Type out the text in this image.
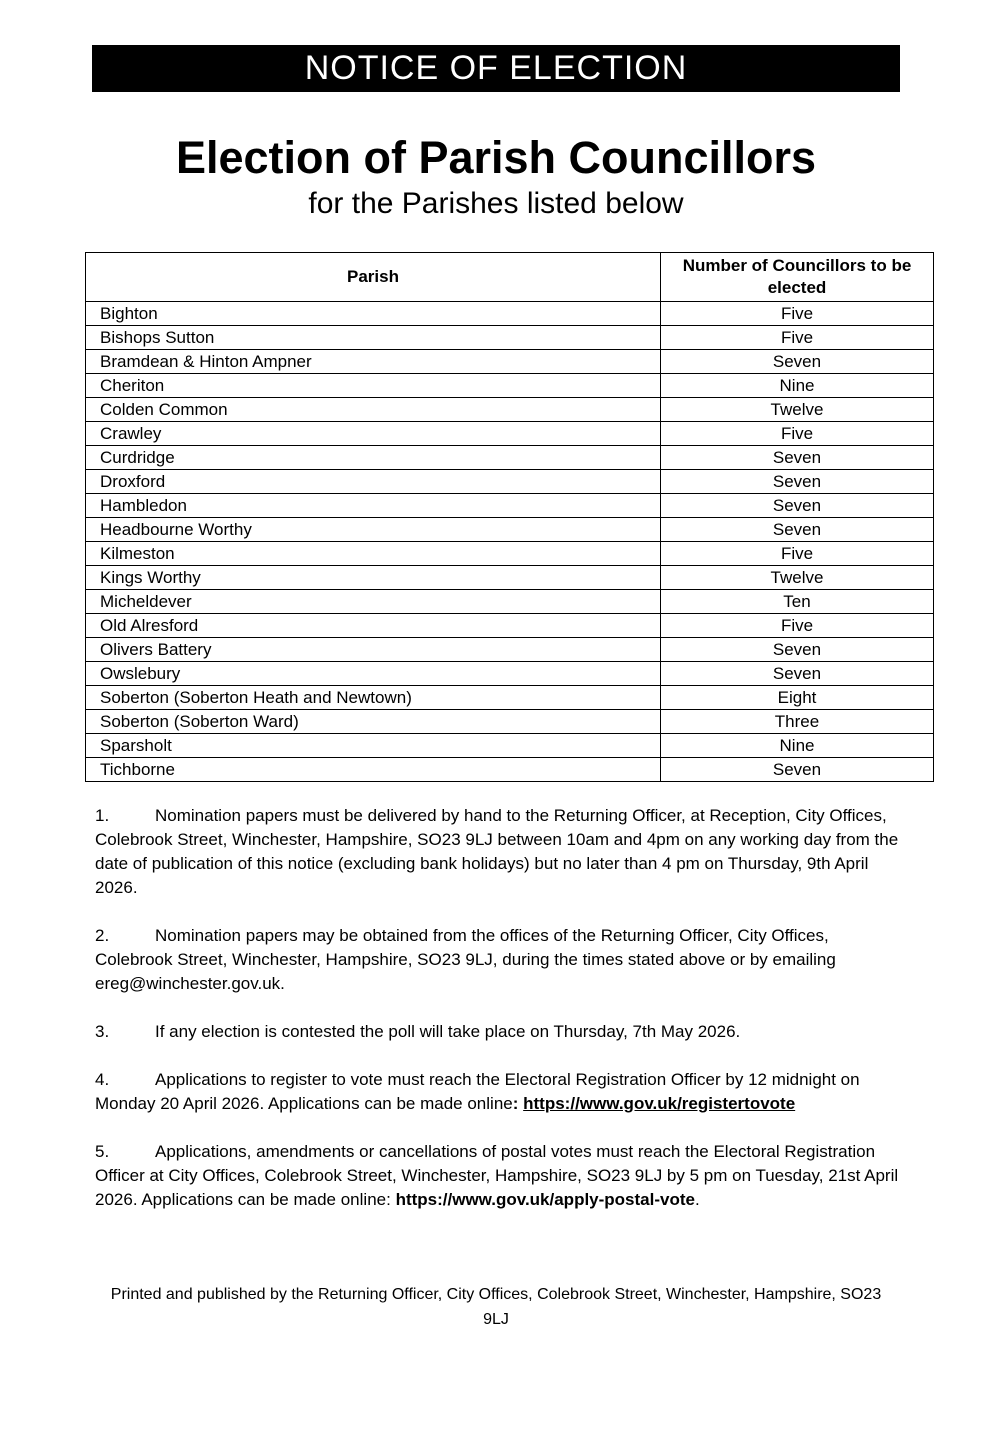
NOTICE OF ELECTION
Election of Parish Councillors
for the Parishes listed below
Parish	Number of Councillors to be elected
Bighton	Five
Bishops Sutton	Five
Bramdean & Hinton Ampner	Seven
Cheriton	Nine
Colden Common	Twelve
Crawley	Five
Curdridge	Seven
Droxford	Seven
Hambledon	Seven
Headbourne Worthy	Seven
Kilmeston	Five
Kings Worthy	Twelve
Micheldever	Ten
Old Alresford	Five
Olivers Battery	Seven
Owslebury	Seven
Soberton (Soberton Heath and Newtown)	Eight
Soberton (Soberton Ward)	Three
Sparsholt	Nine
Tichborne	Seven

1.	Nomination papers must be delivered by hand to the Returning Officer, at Reception, City Offices, Colebrook Street, Winchester, Hampshire, SO23 9LJ between 10am and 4pm on any working day from the date of publication of this notice (excluding bank holidays) but no later than 4 pm on Thursday, 9th April 2026.

2.	Nomination papers may be obtained from the offices of the Returning Officer, City Offices, Colebrook Street, Winchester, Hampshire, SO23 9LJ, during the times stated above or by emailing ereg@winchester.gov.uk.

3.	If any election is contested the poll will take place on Thursday, 7th May 2026.

4.	Applications to register to vote must reach the Electoral Registration Officer by 12 midnight on Monday 20 April 2026. Applications can be made online: https://www.gov.uk/registertovote

5.	Applications, amendments or cancellations of postal votes must reach the Electoral Registration Officer at City Offices, Colebrook Street, Winchester, Hampshire, SO23 9LJ by 5 pm on Tuesday, 21st April 2026. Applications can be made online: https://www.gov.uk/apply-postal-vote.

Printed and published by the Returning Officer, City Offices, Colebrook Street, Winchester, Hampshire, SO23 9LJ
